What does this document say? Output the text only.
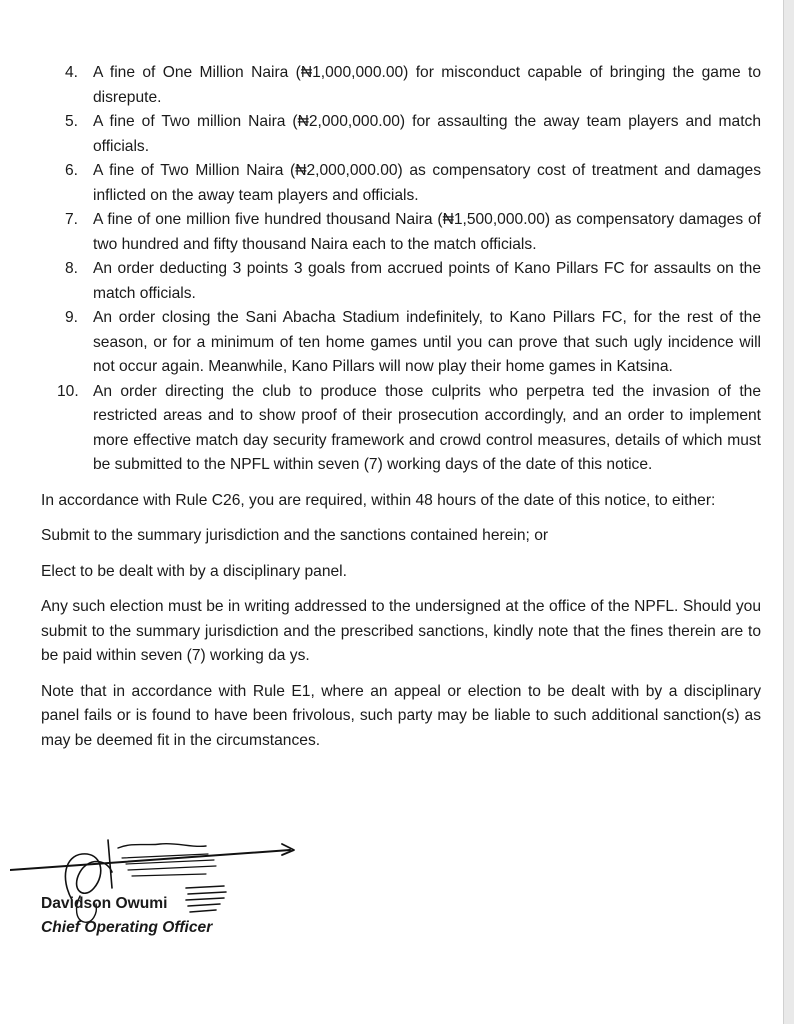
4. A fine of One Million Naira (₦1,000,000.00) for misconduct capable of bringing the game to disrepute.
5. A fine of Two million Naira (₦2,000,000.00) for assaulting the away team players and match officials.
6. A fine of Two Million Naira (₦2,000,000.00) as compensatory cost of treatment and damages inflicted on the away team players and officials.
7. A fine of one million five hundred thousand Naira (₦1,500,000.00) as compensatory damages of two hundred and fifty thousand Naira each to the match officials.
8. An order deducting 3 points 3 goals from accrued points of Kano Pillars FC for assaults on the match officials.
9. An order closing the Sani Abacha Stadium indefinitely, to Kano Pillars FC, for the rest of the season, or for a minimum of ten home games until you can prove that such ugly incidence will not occur again. Meanwhile, Kano Pillars will now play their home games in Katsina.
10. An order directing the club to produce those culprits who perpetra ted the invasion of the restricted areas and to show proof of their prosecution accordingly, and an order to implement more effective match day security framework and crowd control measures, details of which must be submitted to the NPFL within seven (7) working days of the date of this notice.

In accordance with Rule C26, you are required, within 48 hours of the date of this notice, to either:

Submit to the summary jurisdiction and the sanctions contained herein; or

Elect to be dealt with by a disciplinary panel.

Any such election must be in writing addressed to the undersigned at the office of the NPFL. Should you submit to the summary jurisdiction and the prescribed sanctions, kindly note that the fines therein are to be paid within seven (7) working da ys.

Note that in accordance with Rule E1, where an appeal or election to be dealt with by a disciplinary panel fails or is found to have been frivolous, such party may be liable to such additional sanction(s) as may be deemed fit in the circumstances.

Davidson Owumi
Chief Operating Officer
